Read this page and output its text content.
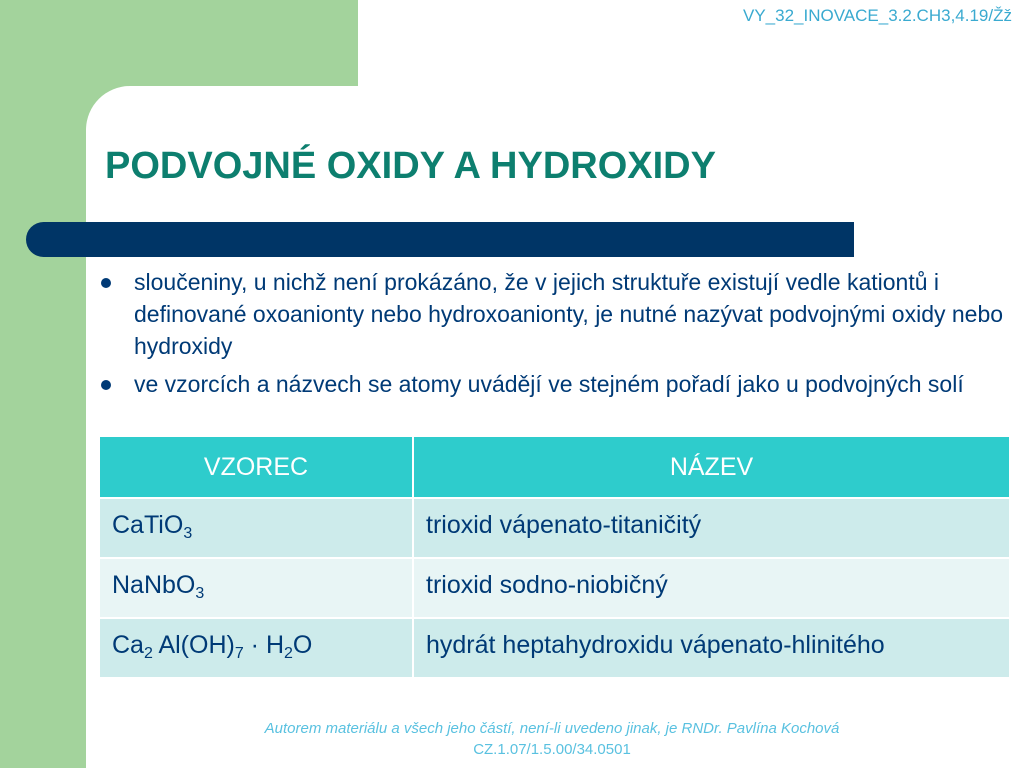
VY_32_INOVACE_3.2.CH3,4.19/Žž
PODVOJNÉ OXIDY A HYDROXIDY
sloučeniny, u nichž není prokázáno, že v jejich struktuře existují vedle kationtů i definované oxoanionty nebo hydroxoanionty, je nutné nazývat podvojnými oxidy nebo hydroxidy
ve vzorcích a názvech se atomy uvádějí ve stejném pořadí jako u podvojných solí
VZOREC	NÁZEV
CaTiO$_3$	trioxid vápenato-titaničitý
NaNbO$_3$	trioxid sodno-niobičný
$Ca_2$ $Al(OH)_7 \cdot H_2O$	hydrát heptahydroxidu vápenato-hlinitého
Autorem materiálu a všech jeho částí, není-li uvedeno jinak, je RNDr. Pavlína Kochová
CZ.1.07/1.5.00/34.0501
